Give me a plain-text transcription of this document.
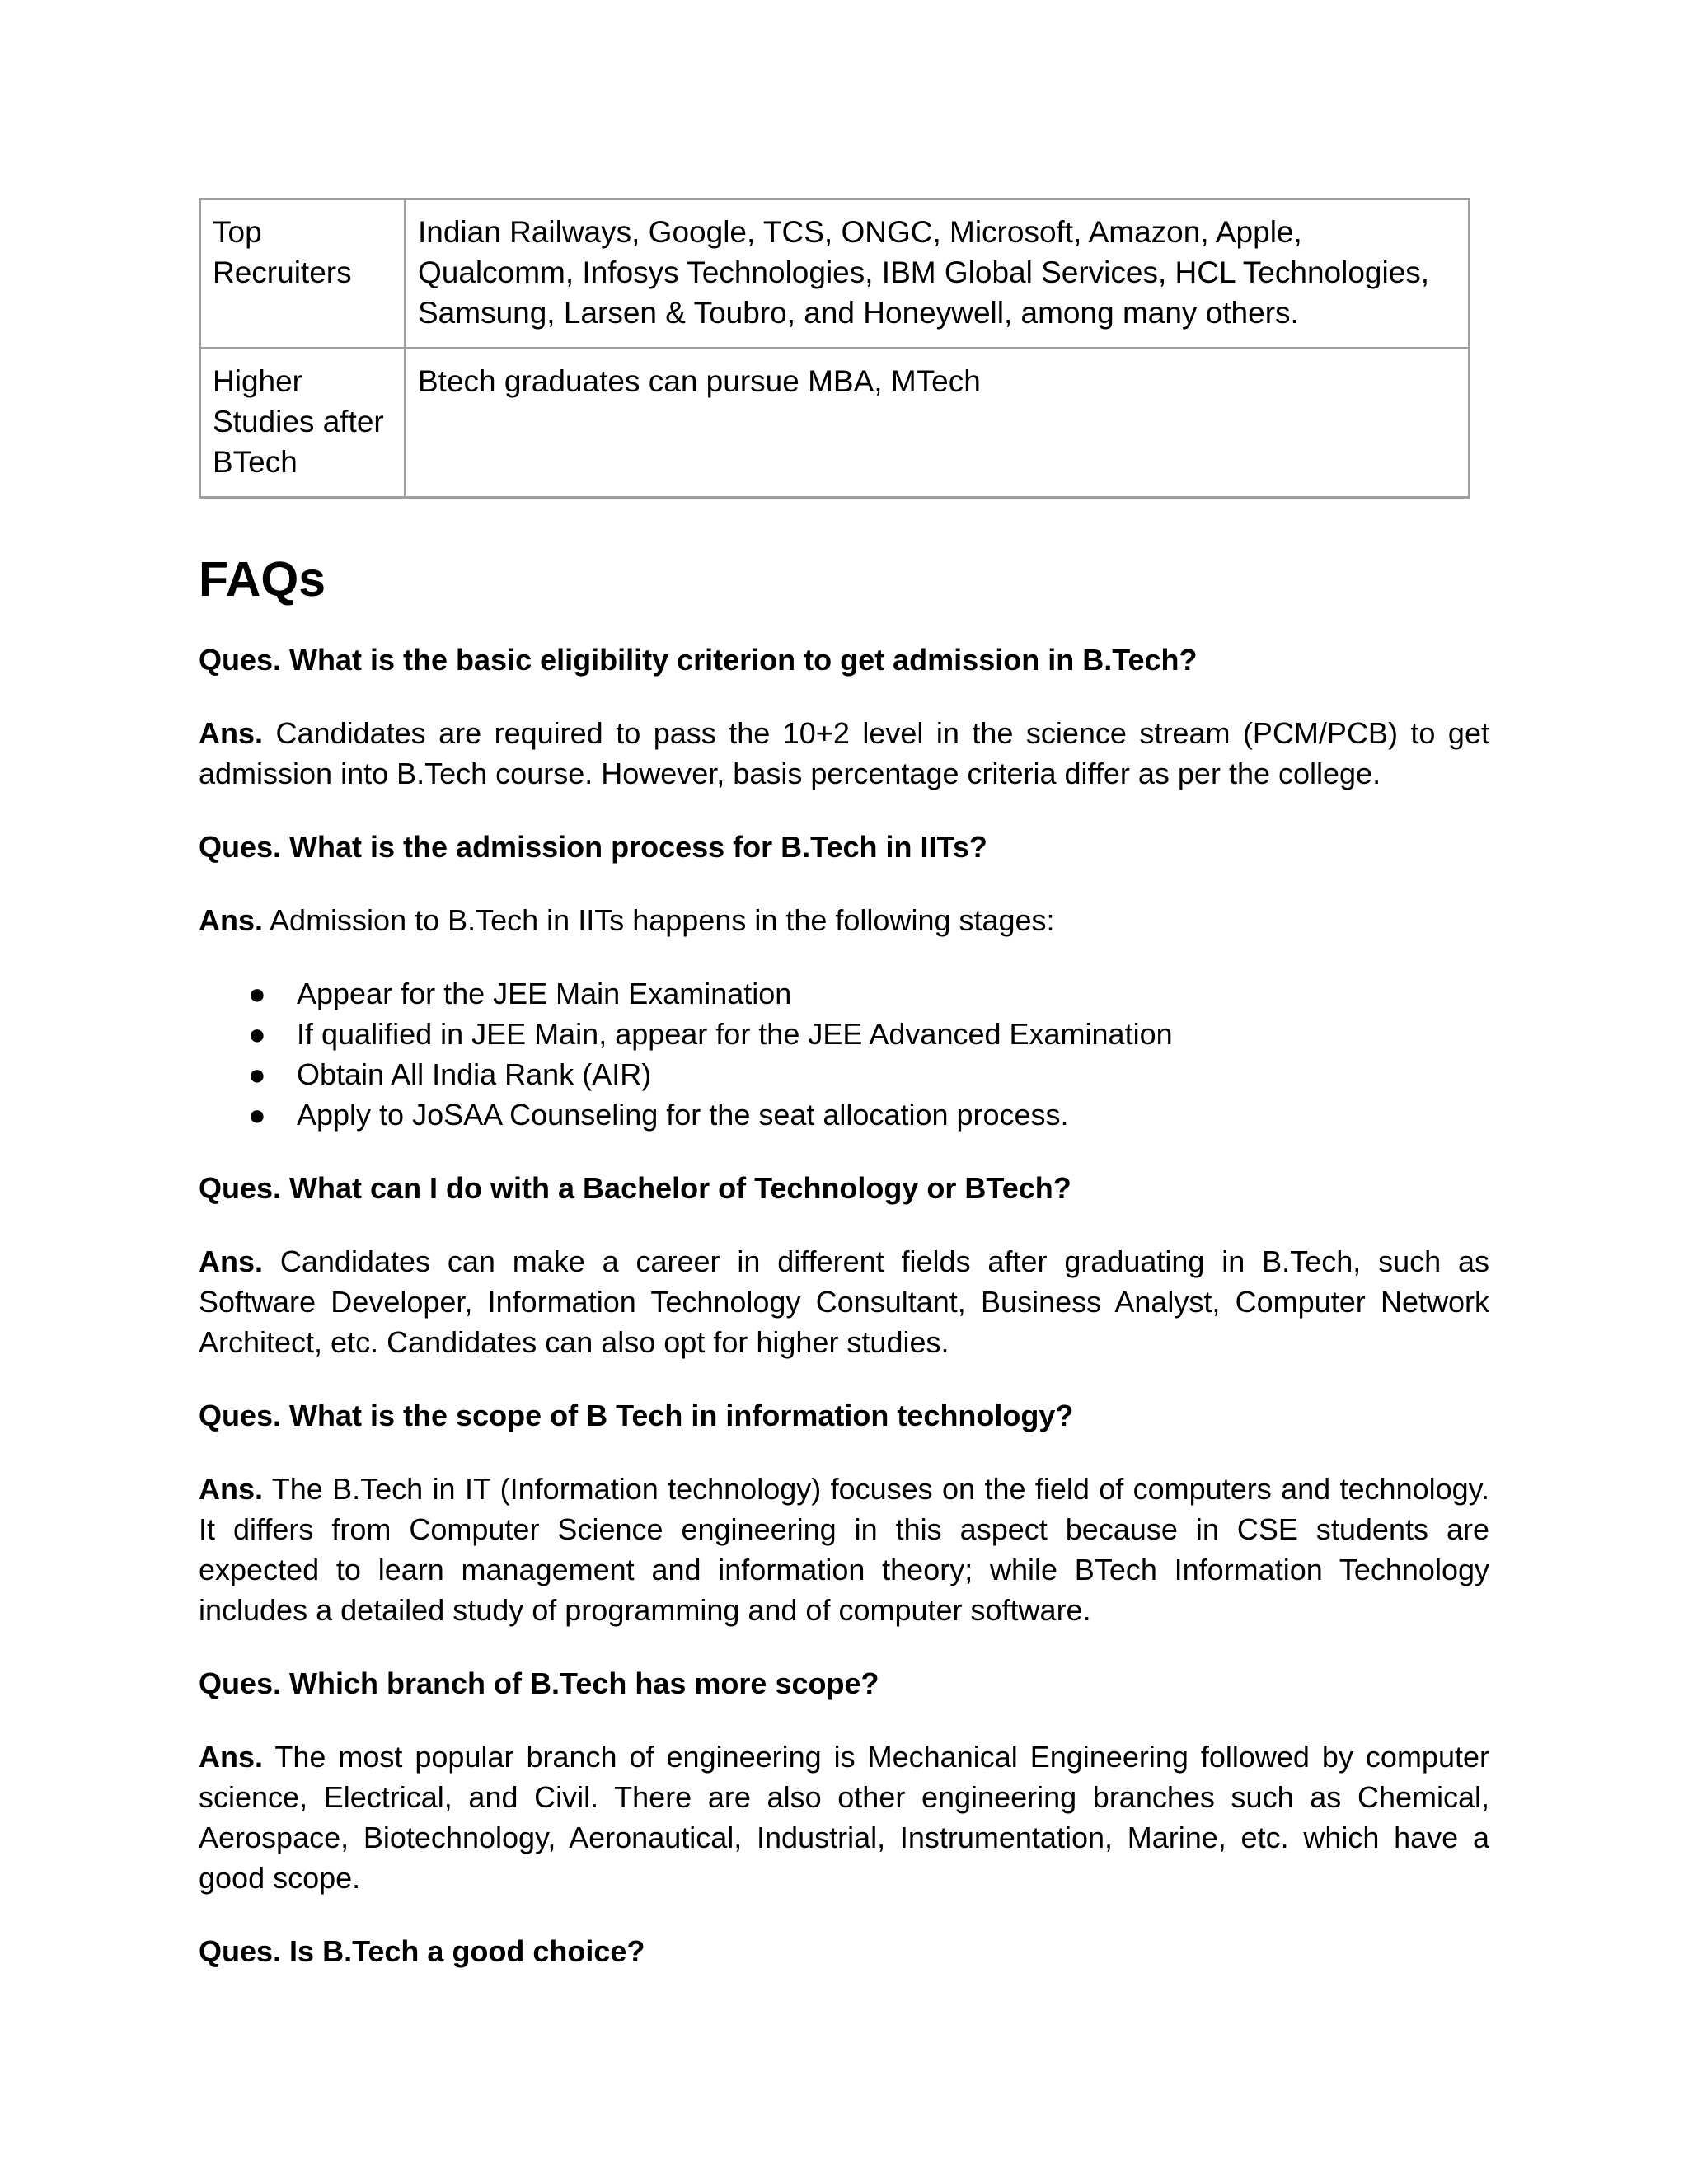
Top Recruiters	Indian Railways, Google, TCS, ONGC, Microsoft, Amazon, Apple, Qualcomm, Infosys Technologies, IBM Global Services, HCL Technologies, Samsung, Larsen & Toubro, and Honeywell, among many others.
Higher Studies after BTech	Btech graduates can pursue MBA, MTech
FAQs

Ques. What is the basic eligibility criterion to get admission in B.Tech?

Ans. Candidates are required to pass the 10+2 level in the science stream (PCM/PCB) to get admission into B.Tech course. However, basis percentage criteria differ as per the college.

Ques. What is the admission process for B.Tech in IITs?

Ans. Admission to B.Tech in IITs happens in the following stages:

● Appear for the JEE Main Examination
● If qualified in JEE Main, appear for the JEE Advanced Examination
● Obtain All India Rank (AIR)
● Apply to JoSAA Counseling for the seat allocation process.

Ques. What can I do with a Bachelor of Technology or BTech?

Ans. Candidates can make a career in different fields after graduating in B.Tech, such as Software Developer, Information Technology Consultant, Business Analyst, Computer Network Architect, etc. Candidates can also opt for higher studies.

Ques. What is the scope of B Tech in information technology?

Ans. The B.Tech in IT (Information technology) focuses on the field of computers and technology. It differs from Computer Science engineering in this aspect because in CSE students are expected to learn management and information theory; while BTech Information Technology includes a detailed study of programming and of computer software.

Ques. Which branch of B.Tech has more scope?

Ans. The most popular branch of engineering is Mechanical Engineering followed by computer science, Electrical, and Civil. There are also other engineering branches such as Chemical, Aerospace, Biotechnology, Aeronautical, Industrial, Instrumentation, Marine, etc. which have a good scope.

Ques. Is B.Tech a good choice?
